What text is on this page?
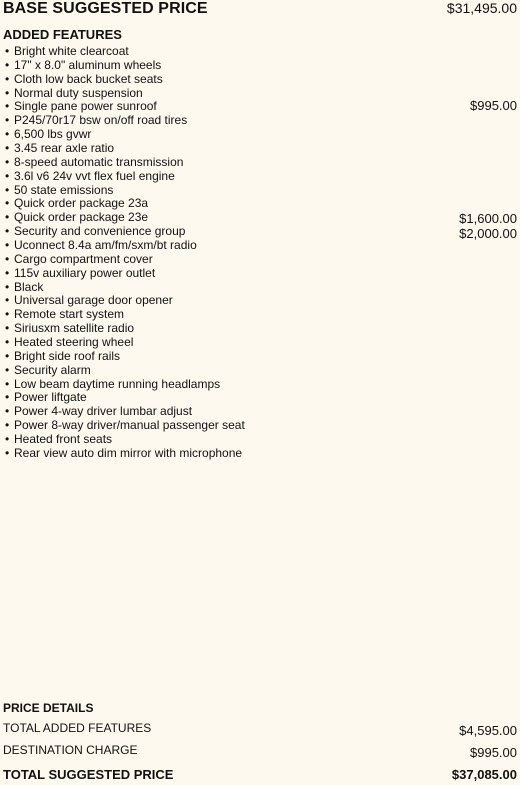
BASE SUGGESTED PRICE	$31,495.00
ADDED FEATURES
• Bright white clearcoat
• 17" x 8.0" aluminum wheels
• Cloth low back bucket seats
• Normal duty suspension
• Single pane power sunroof	$995.00
• P245/70r17 bsw on/off road tires
• 6,500 lbs gvwr
• 3.45 rear axle ratio
• 8-speed automatic transmission
• 3.6l v6 24v vvt flex fuel engine
• 50 state emissions
• Quick order package 23a
• Quick order package 23e	$1,600.00
• Security and convenience group	$2,000.00
• Uconnect 8.4a am/fm/sxm/bt radio
• Cargo compartment cover
• 115v auxiliary power outlet
• Black
• Universal garage door opener
• Remote start system
• Siriusxm satellite radio
• Heated steering wheel
• Bright side roof rails
• Security alarm
• Low beam daytime running headlamps
• Power liftgate
• Power 4-way driver lumbar adjust
• Power 8-way driver/manual passenger seat
• Heated front seats
• Rear view auto dim mirror with microphone
PRICE DETAILS
TOTAL ADDED FEATURES	$4,595.00
DESTINATION CHARGE	$995.00
TOTAL SUGGESTED PRICE	$37,085.00
